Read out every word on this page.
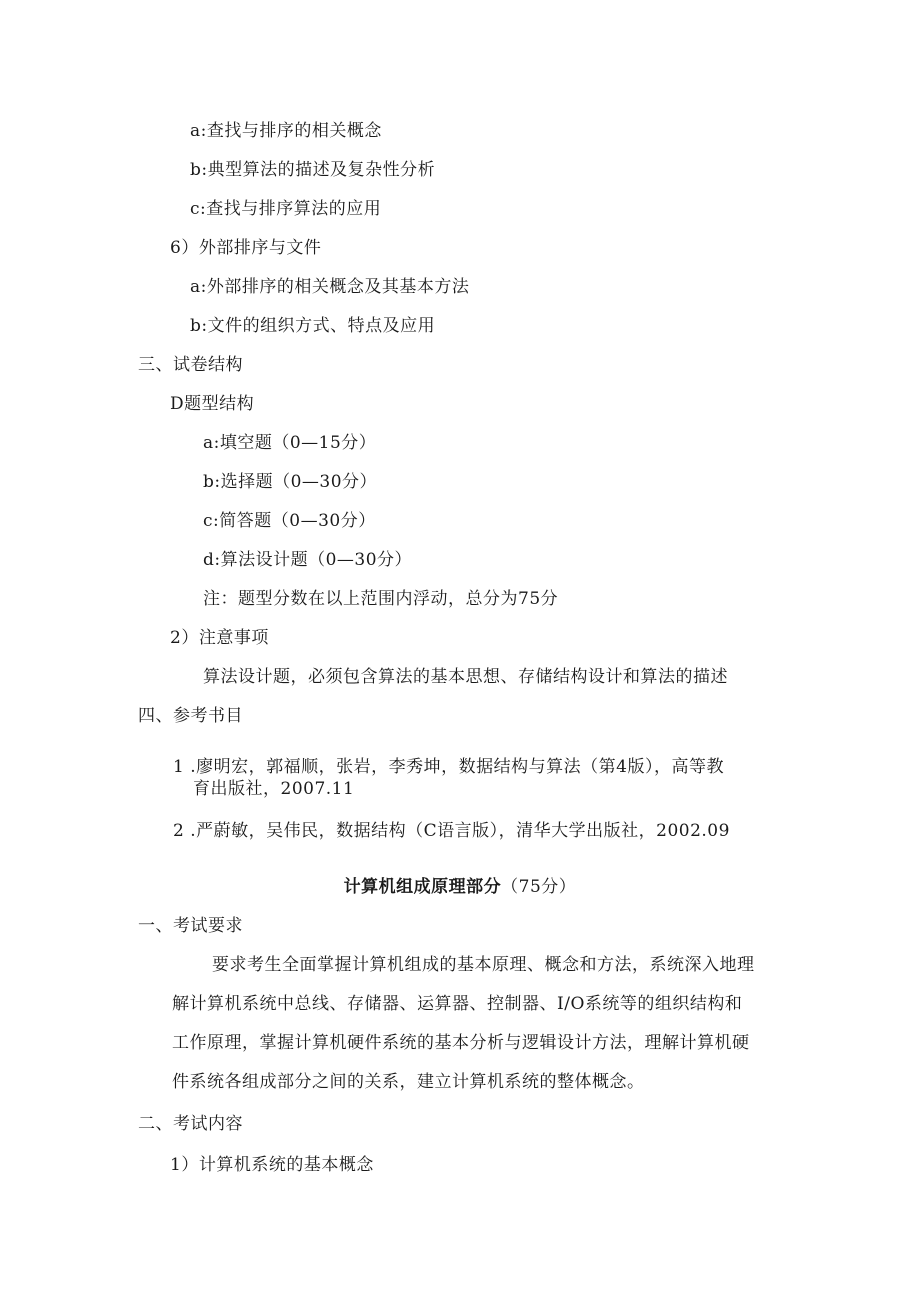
a:查找与排序的相关概念
b:典型算法的描述及复杂性分析
c:查找与排序算法的应用
6）外部排序与文件
a:外部排序的相关概念及其基本方法
b:文件的组织方式、特点及应用
三、试卷结构
D题型结构
a:填空题（0—15分）
b:选择题（0—30分）
c:简答题（0—30分）
d:算法设计题（0—30分）
注：题型分数在以上范围内浮动，总分为75分
2）注意事项
算法设计题，必须包含算法的基本思想、存储结构设计和算法的描述
四、参考书目
1 .廖明宏，郭福顺，张岩，李秀坤，数据结构与算法（第4版），高等教
育出版社，2007.11
2 .严蔚敏，吴伟民，数据结构（C语言版），清华大学出版社，2002.09
计算机组成原理部分（75分）
一、考试要求
要求考生全面掌握计算机组成的基本原理、概念和方法，系统深入地理
解计算机系统中总线、存储器、运算器、控制器、I/O系统等的组织结构和
工作原理，掌握计算机硬件系统的基本分析与逻辑设计方法，理解计算机硬
件系统各组成部分之间的关系，建立计算机系统的整体概念。
二、考试内容
1）计算机系统的基本概念
